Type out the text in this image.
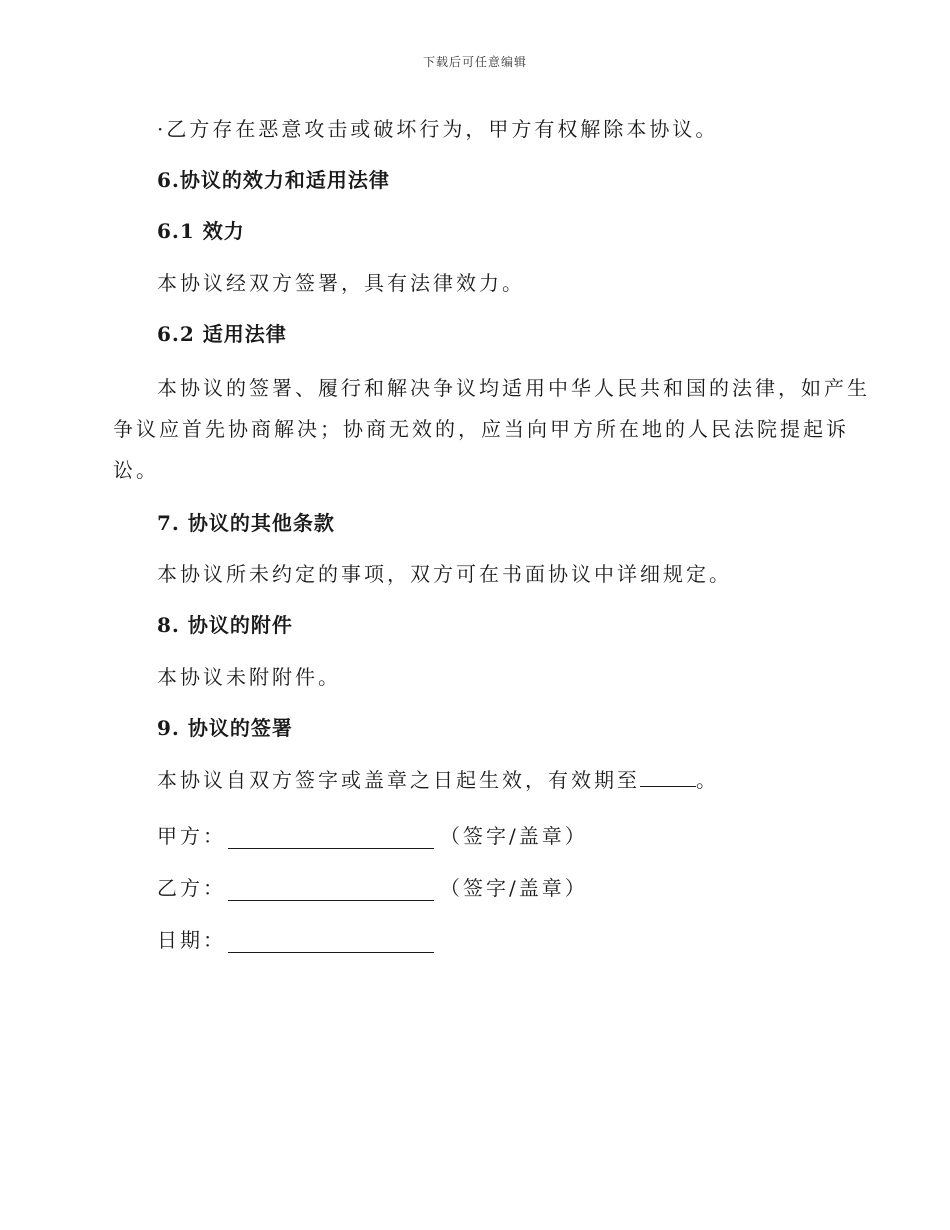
下载后可任意编辑
·乙方存在恶意攻击或破坏行为，甲方有权解除本协议。
6.协议的效力和适用法律
6.1 效力
本协议经双方签署，具有法律效力。
6.2 适用法律
本协议的签署、履行和解决争议均适用中华人民共和国的法律，如产生
争议应首先协商解决；协商无效的，应当向甲方所在地的人民法院提起诉
讼。
7. 协议的其他条款
本协议所未约定的事项，双方可在书面协议中详细规定。
8. 协议的附件
本协议未附附件。
9. 协议的签署
本协议自双方签字或盖章之日起生效，有效期至	。
甲方：	（签字/盖章）
乙方：	（签字/盖章）
日期：
